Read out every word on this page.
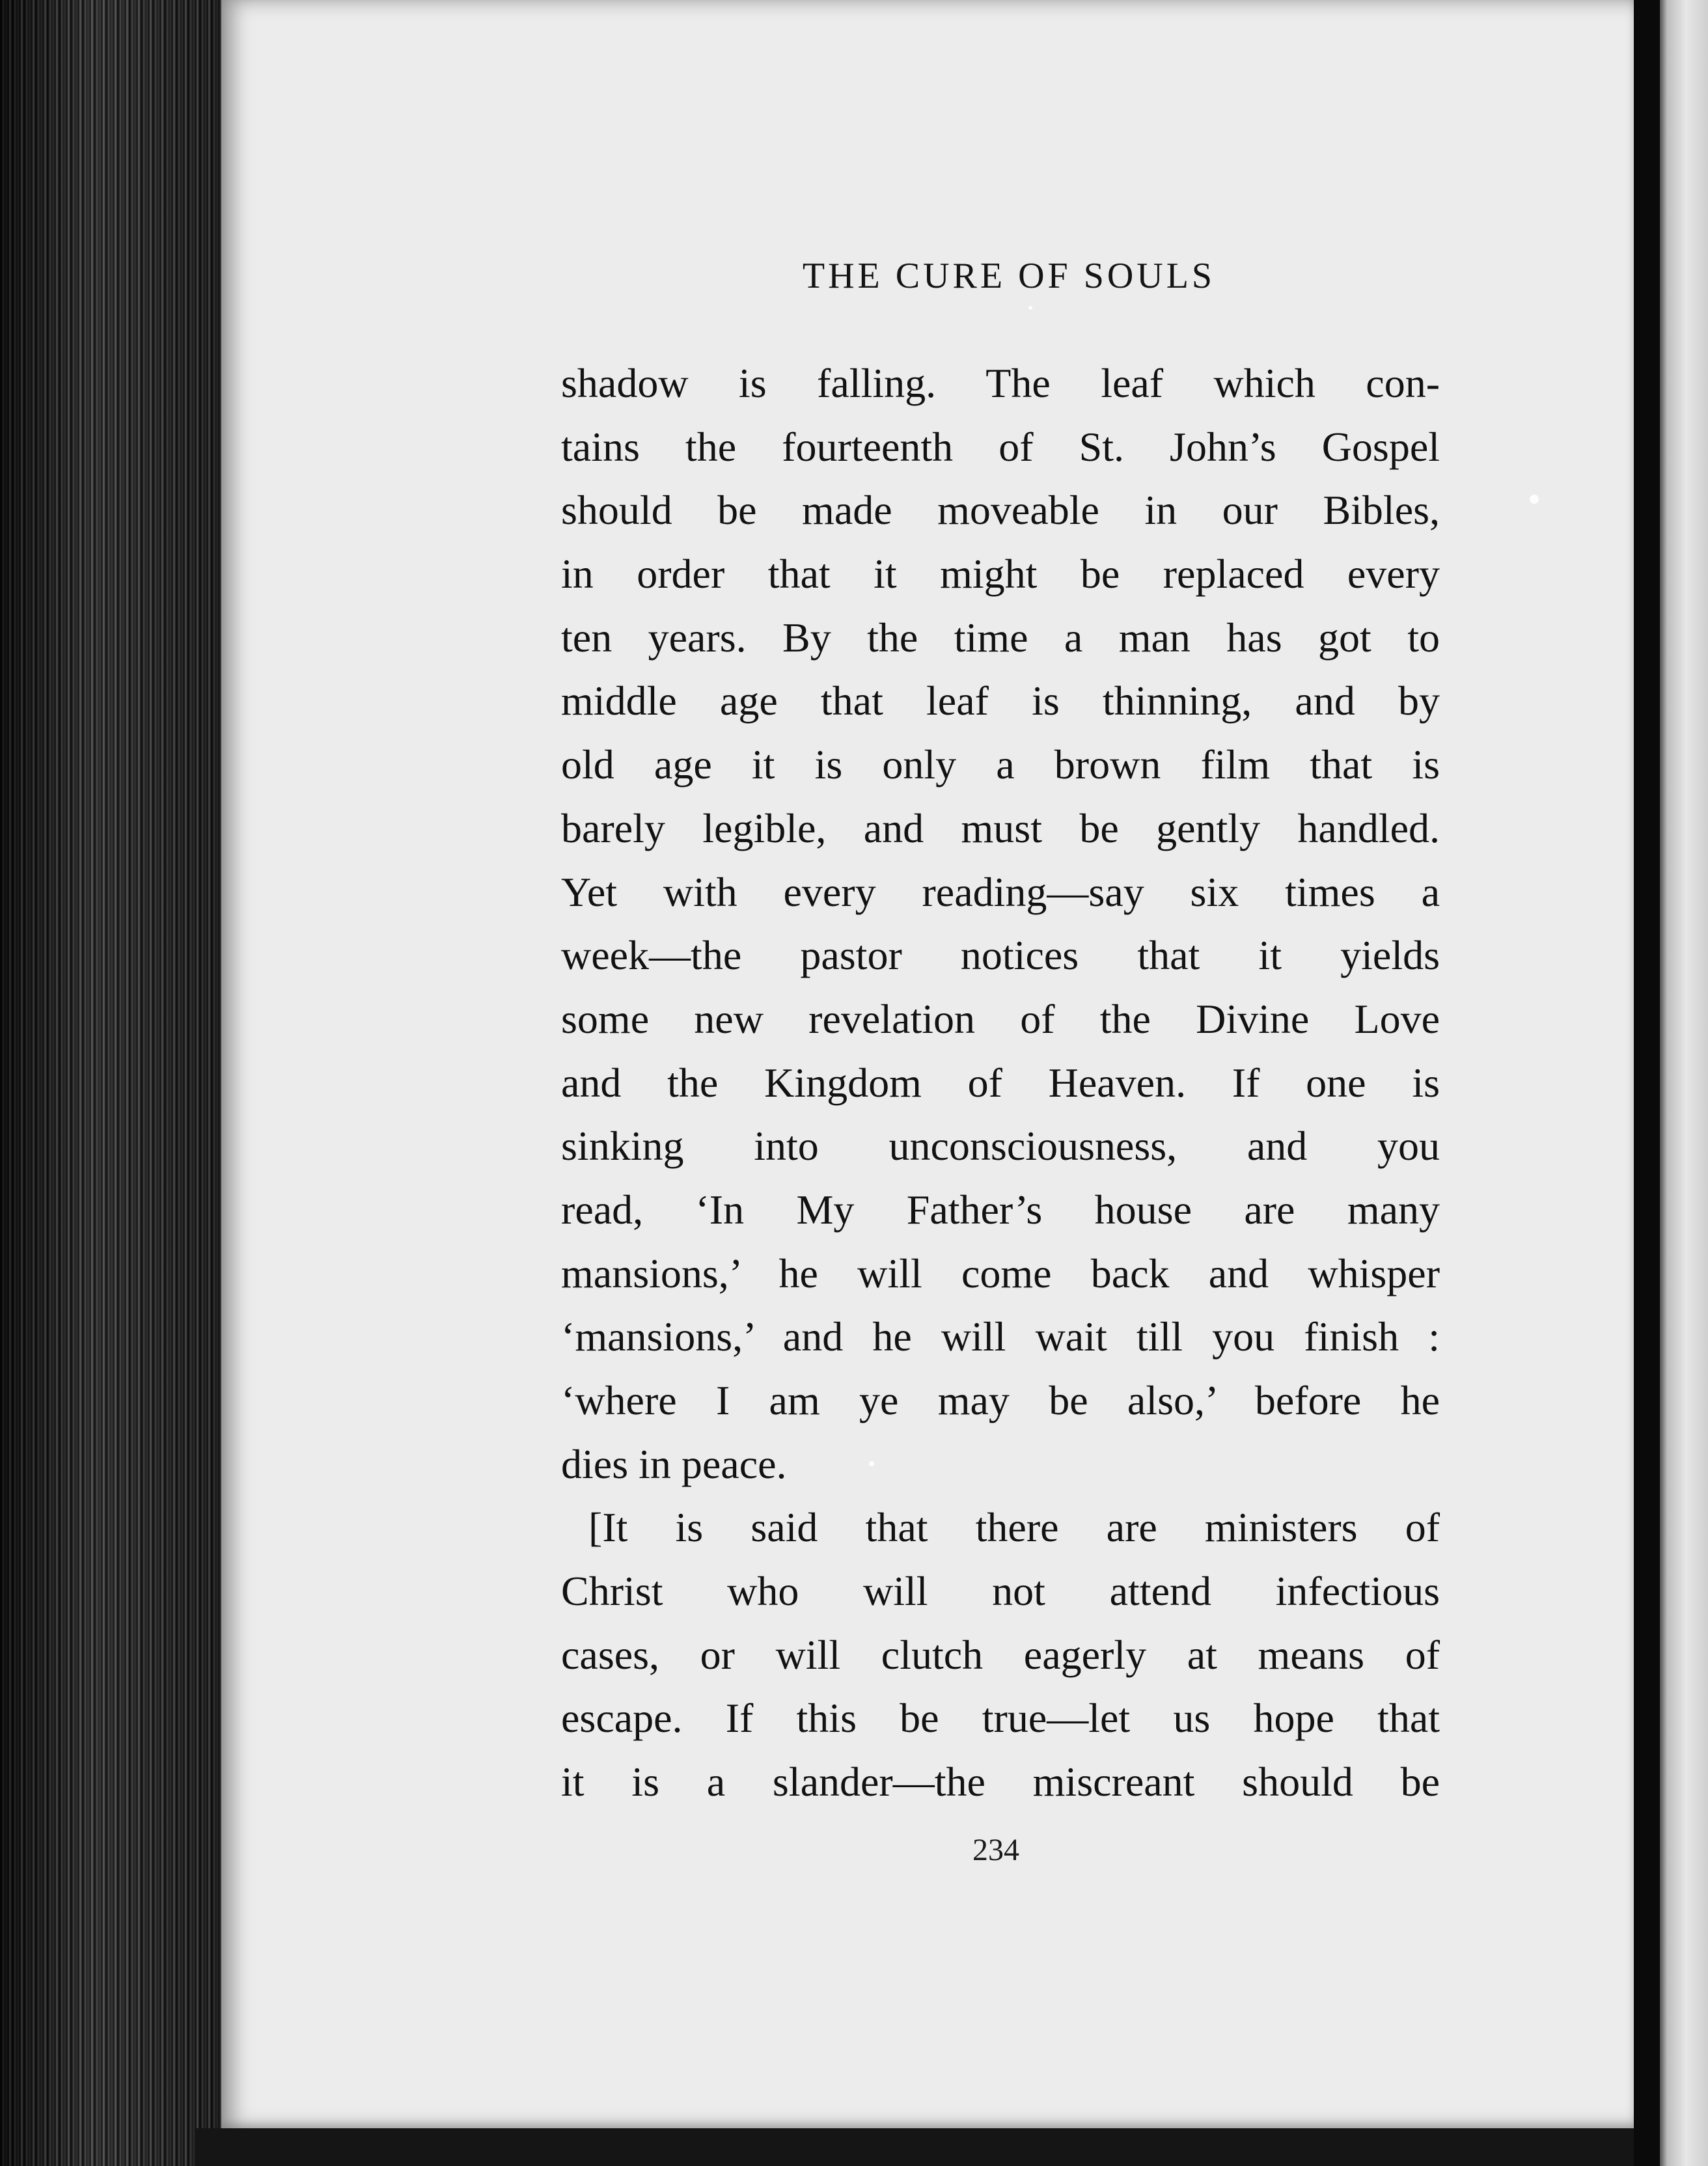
THE CURE OF SOULS
shadow is falling. The leaf which con-
tains the fourteenth of St. John’s Gospel
should be made moveable in our Bibles,
in order that it might be replaced every
ten years. By the time a man has got to
middle age that leaf is thinning, and by
old age it is only a brown film that is
barely legible, and must be gently handled.
Yet with every reading—say six times a
week—the pastor notices that it yields
some new revelation of the Divine Love
and the Kingdom of Heaven. If one is
sinking into unconsciousness, and you
read, ‘In My Father’s house are many
mansions,’ he will come back and whisper
‘mansions,’ and he will wait till you finish :
‘where I am ye may be also,’ before he
dies in peace.
[It is said that there are ministers of
Christ who will not attend infectious
cases, or will clutch eagerly at means of
escape. If this be true—let us hope that
it is a slander—the miscreant should be
234
